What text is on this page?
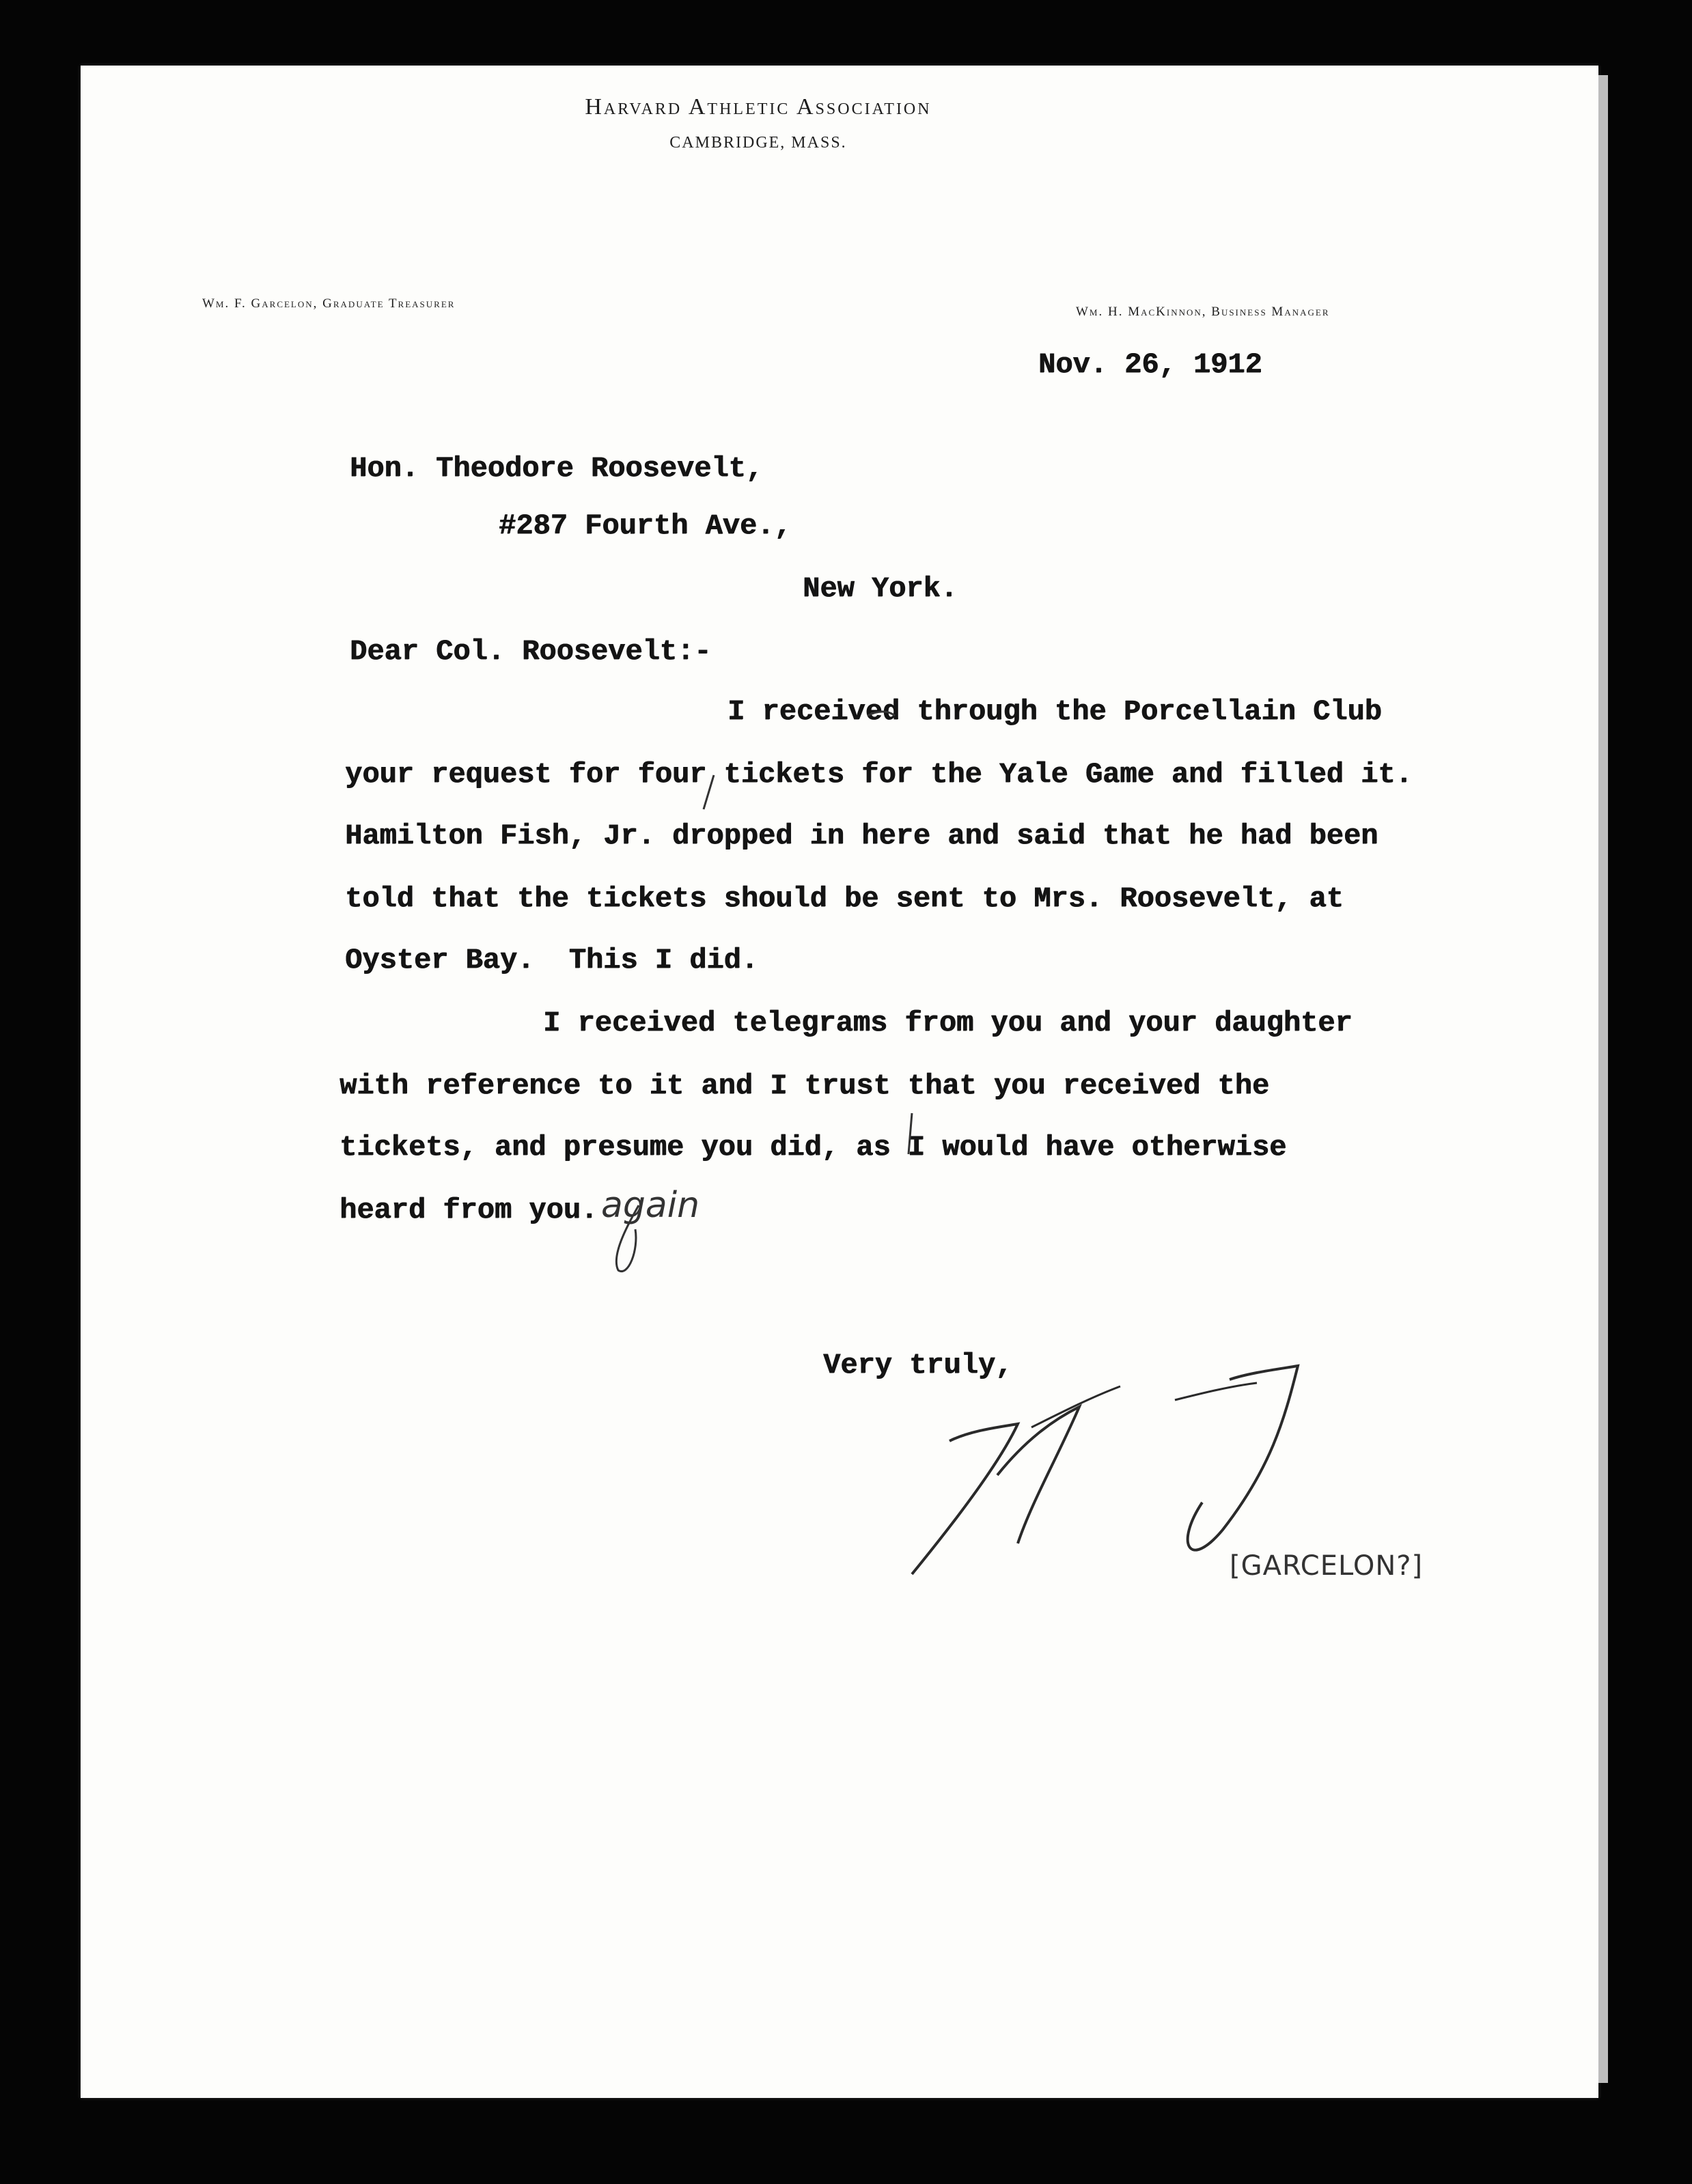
Harvard Athletic Association
CAMBRIDGE, MASS.
Wm. F. Garcelon, Graduate Treasurer
Wm. H. MacKinnon, Business Manager
Nov. 26, 1912
Hon. Theodore Roosevelt,
#287 Fourth Ave.,
New York.
Dear Col. Roosevelt:-
I received through the Porcellain Club
your request for four tickets for the Yale Game and filled it.
Hamilton Fish, Jr. dropped in here and said that he had been
told that the tickets should be sent to Mrs. Roosevelt, at
Oyster Bay.  This I did.
I received telegrams from you and your daughter
with reference to it and I trust that you received the
tickets, and presume you did, as I would have otherwise
heard from you. again
Very truly,
[GARCELON?]
